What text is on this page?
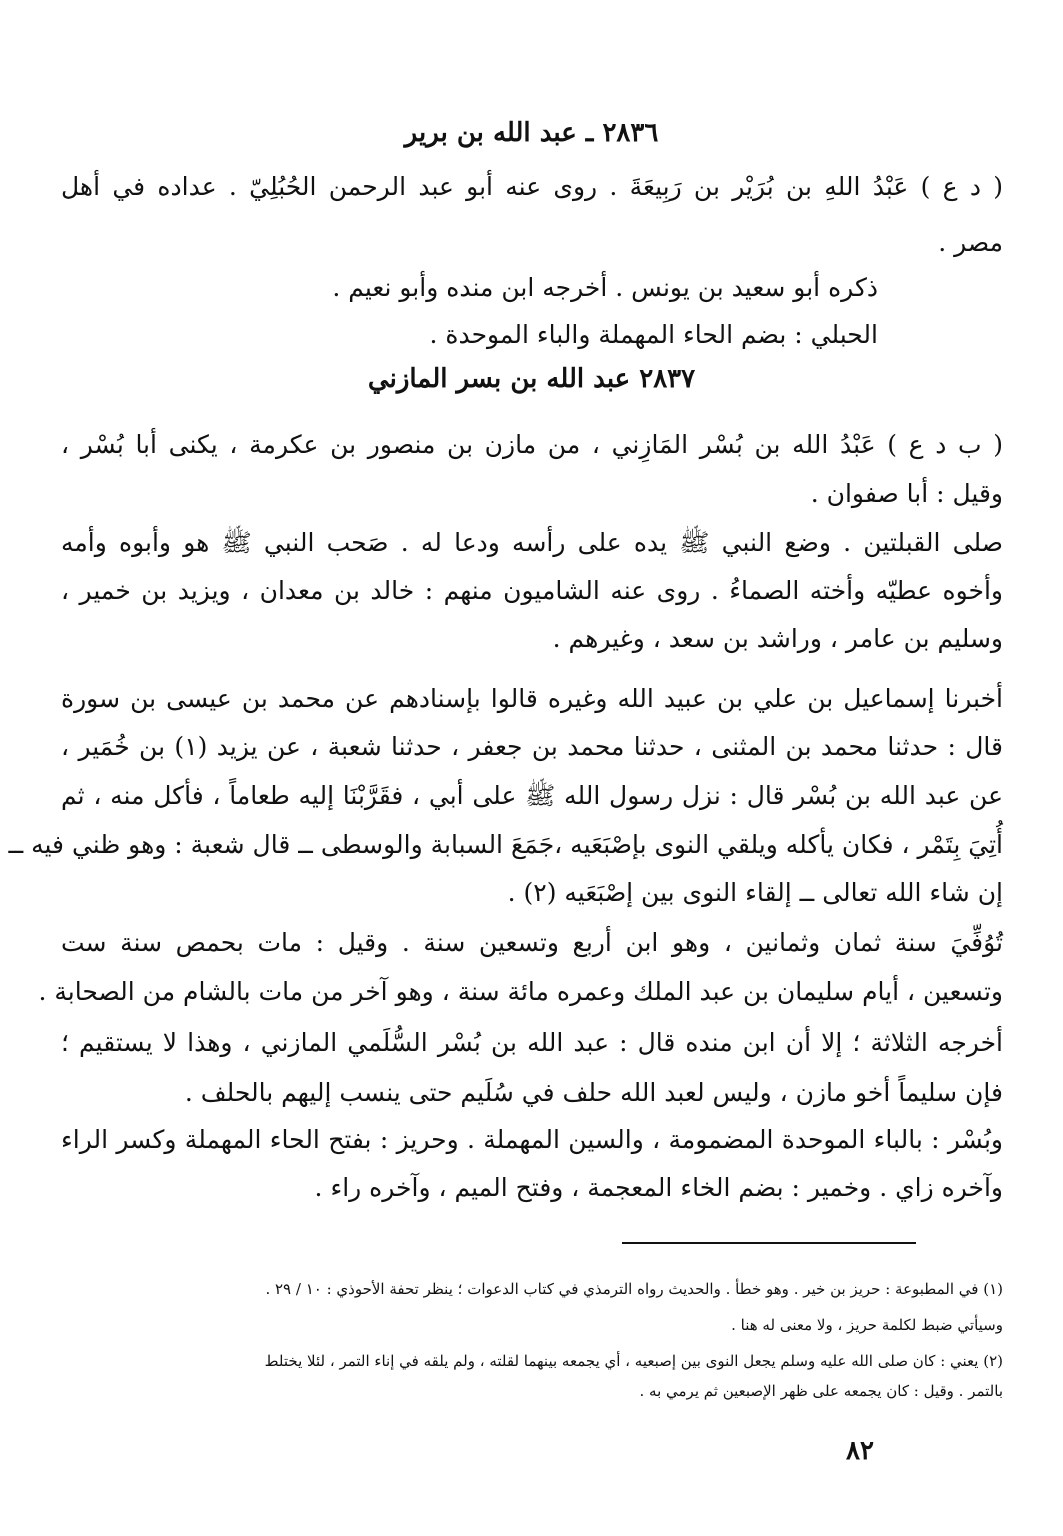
٢٨٣٦ ـ عبد الله بن برير
( د ع ) عَبْدُ اللهِ بن بُرَيْر بن رَبِيعَةَ . روى عنه أبو عبد الرحمن الحُبُلِيّ . عداده في أهل
مصر .
ذكره أبو سعيد بن يونس . أخرجه ابن منده وأبو نعيم .
الحبلي : بضم الحاء المهملة والباء الموحدة .
٢٨٣٧ عبد الله بن بسر المازني
( ب د ع ) عَبْدُ الله بن بُسْر المَازِني ، من مازن بن منصور بن عكرمة ، يكنى أبا بُسْر ،
وقيل : أبا صفوان .
صلى القبلتين . وضع النبي ﷺ يده على رأسه ودعا له . صَحب النبي ﷺ هو وأبوه وأمه
وأخوه عطيّه وأخته الصماءُ . روى عنه الشاميون منهم : خالد بن معدان ، ويزيد بن خمير ،
وسليم بن عامر ، وراشد بن سعد ، وغيرهم .
أخبرنا إسماعيل بن علي بن عبيد الله وغيره قالوا بإسنادهم عن محمد بن عيسى بن سورة
قال : حدثنا محمد بن المثنى ، حدثنا محمد بن جعفر ، حدثنا شعبة ، عن يزيد (١) بن خُمَير ،
عن عبد الله بن بُسْر قال : نزل رسول الله ﷺ على أبي ، فقَرَّبْنَا إليه طعاماً ، فأكل منه ، ثم
أُتِيَ بِتَمْر ، فكان يأكله ويلقي النوى بإصْبَعَيه ،جَمَعَ السبابة والوسطى ــ قال شعبة : وهو ظني فيه ــ
إن شاء الله تعالى ــ إلقاء النوى بين إصْبَعَيه (٢) .
تُوُفِّيَ سنة ثمان وثمانين ، وهو ابن أربع وتسعين سنة . وقيل : مات بحمص سنة ست
وتسعين ، أيام سليمان بن عبد الملك وعمره مائة سنة ، وهو آخر من مات بالشام من الصحابة .
أخرجه الثلاثة ؛ إلا أن ابن منده قال : عبد الله بن بُسْر السُّلَمي المازني ، وهذا لا يستقيم ؛
فإن سليماً أخو مازن ، وليس لعبد الله حلف في سُلَيم حتى ينسب إليهم بالحلف .
وبُسْر : بالباء الموحدة المضمومة ، والسين المهملة . وحريز : بفتح الحاء المهملة وكسر الراء
وآخره زاي . وخمير : بضم الخاء المعجمة ، وفتح الميم ، وآخره راء .
(١) في المطبوعة : حريز بن خير . وهو خطأ . والحديث رواه الترمذي في كتاب الدعوات ؛ ينظر تحفة الأحوذي : ١٠ / ٢٩ .
وسيأتي ضبط لكلمة حريز ، ولا معنى له هنا .
(٢) يعني : كان صلى الله عليه وسلم يجعل النوى بين إصبعيه ، أي يجمعه بينهما لقلته ، ولم يلقه في إناء التمر ، لئلا يختلط
بالتمر . وقيل : كان يجمعه على ظهر الإصبعين ثم يرمي به .
٨٢
